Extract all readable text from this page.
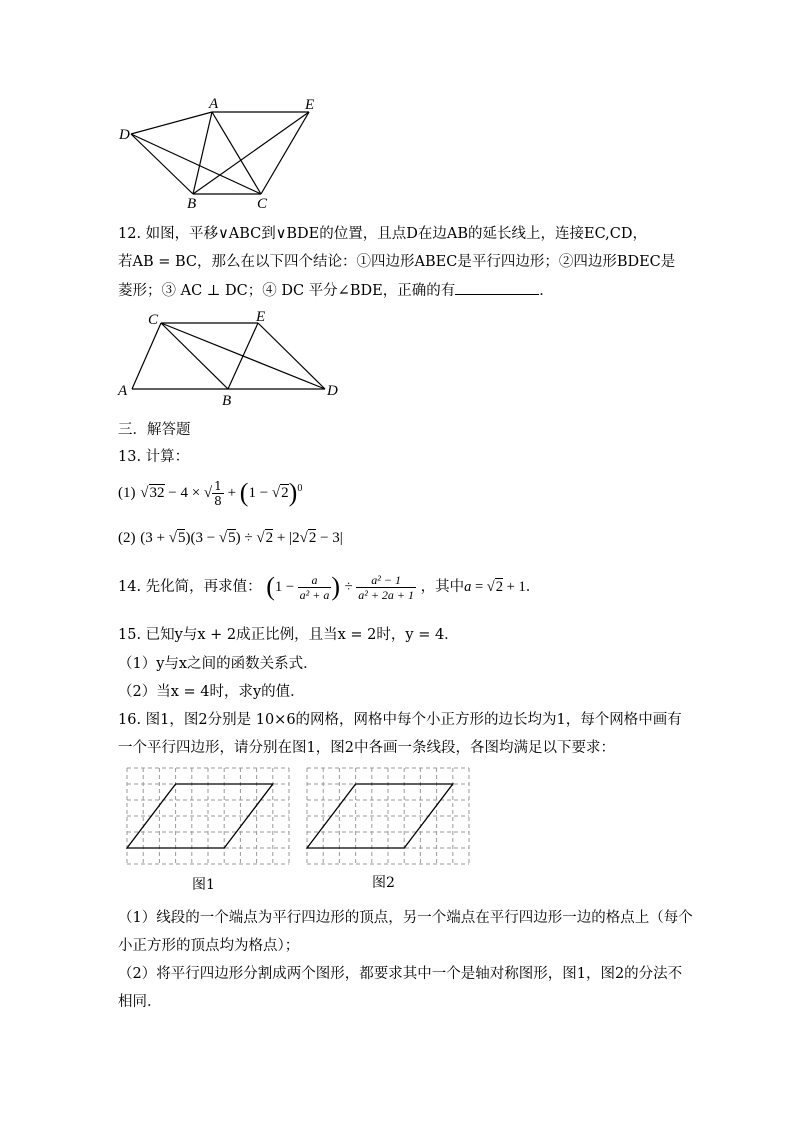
A	E
D
B	C
12. 如图，平移∨ABC到∨BDE的位置，且点D在边AB的延长线上，连接EC,CD，
若AB = BC，那么在以下四个结论：①四边形ABEC是平行四边形；②四边形BDEC是
菱形；③ AC ⊥ DC；④ DC 平分∠BDE，正确的有	．
C	E
A
B
D
三．解答题
13. 计算：
(1) √32 − 4 × √ $\frac{1}{8} + (1 - √2)^0$
(2) (3 + √5)(3 − √5) ÷ √2 + |2√2 − 3|
14. 先化简，再求值： ($1 - \frac{a}{\text{a² + a}}$ ) ÷ $\frac{\text{a² − 1}}{\text{a² + 2a + 1}}$ ，其中a = √2 + 1．
15. 已知y与x + 2成正比例，且当x = 2时，y = 4．
（1）y与x之间的函数关系式．
（2）当x = 4时，求y的值．
16. 图1，图2分别是 10×6的网格，网格中每个小正方形的边长均为1，每个网格中画有
一个平行四边形，请分别在图1，图2中各画一条线段，各图均满足以下要求：
图1	图2
（1）线段的一个端点为平行四边形的顶点，另一个端点在平行四边形一边的格点上（每个
小正方形的顶点均为格点）；
（2）将平行四边形分割成两个图形，都要求其中一个是轴对称图形，图1，图2的分法不
相同．
